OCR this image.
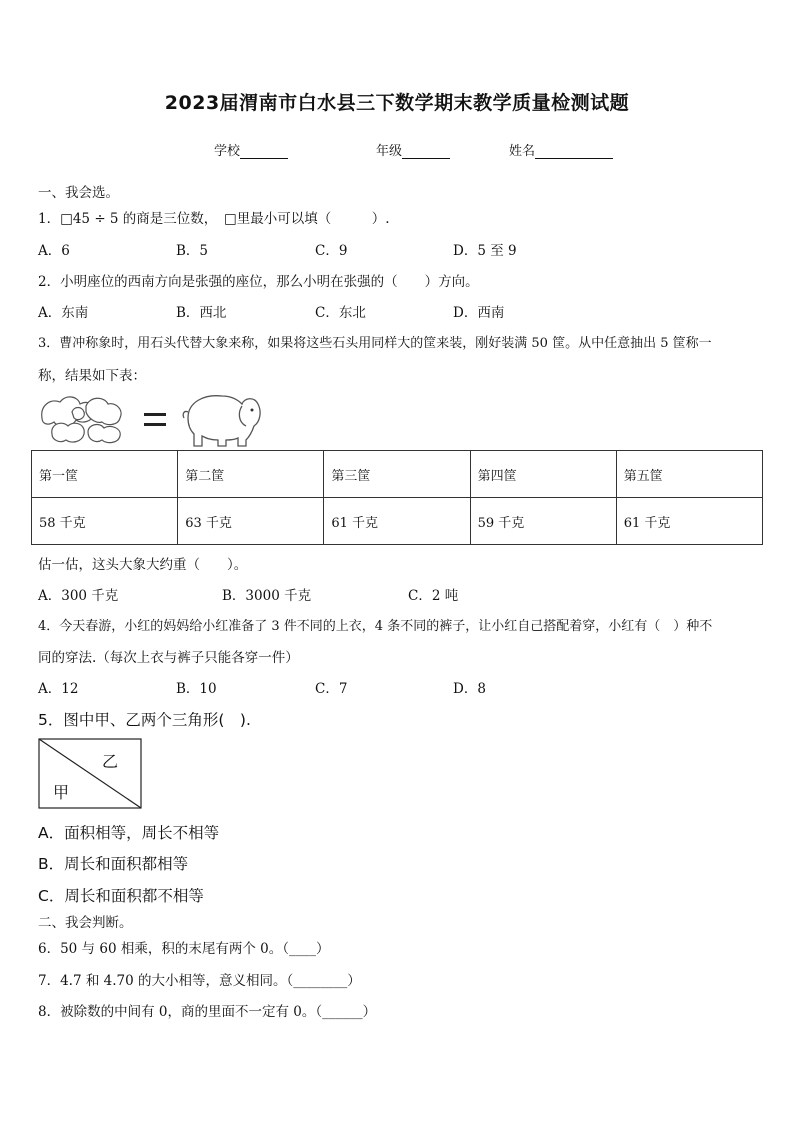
2023届渭南市白水县三下数学期末教学质量检测试题
学校	年级	姓名
一、我会选。
1．□45 ÷ 5 的商是三位数，　□里最小可以填（　　　）.
A．6	B．5	C．9	D．5 至 9
2．小明座位的西南方向是张强的座位，那么小明在张强的（　　）方向。
A．东南	B．西北	C．东北	D．西南
3．曹冲称象时，用石头代替大象来称，如果将这些石头用同样大的筐来装，刚好装满 50 筐。从中任意抽出 5 筐称一
称，结果如下表：
第一筐	第二筐	第三筐	第四筐	第五筐
58 千克	63 千克	61 千克	59 千克	61 千克
估一估，这头大象大约重（　　）。
A．300 千克	B．3000 千克	C．2 吨
4．今天春游，小红的妈妈给小红准备了 3 件不同的上衣，4 条不同的裤子，让小红自己搭配着穿，小红有（　）种不
同的穿法.（每次上衣与裤子只能各穿一件）
A．12	B．10	C．7	D．8
5．图中甲、乙两个三角形(　).
乙
甲
A．面积相等，周长不相等
B．周长和面积都相等
C．周长和面积都不相等
二、我会判断。
6．50 与 60 相乘，积的末尾有两个 0。（____）
7．4.7 和 4.70 的大小相等，意义相同。（________）
8．被除数的中间有 0，商的里面不一定有 0。（______）
